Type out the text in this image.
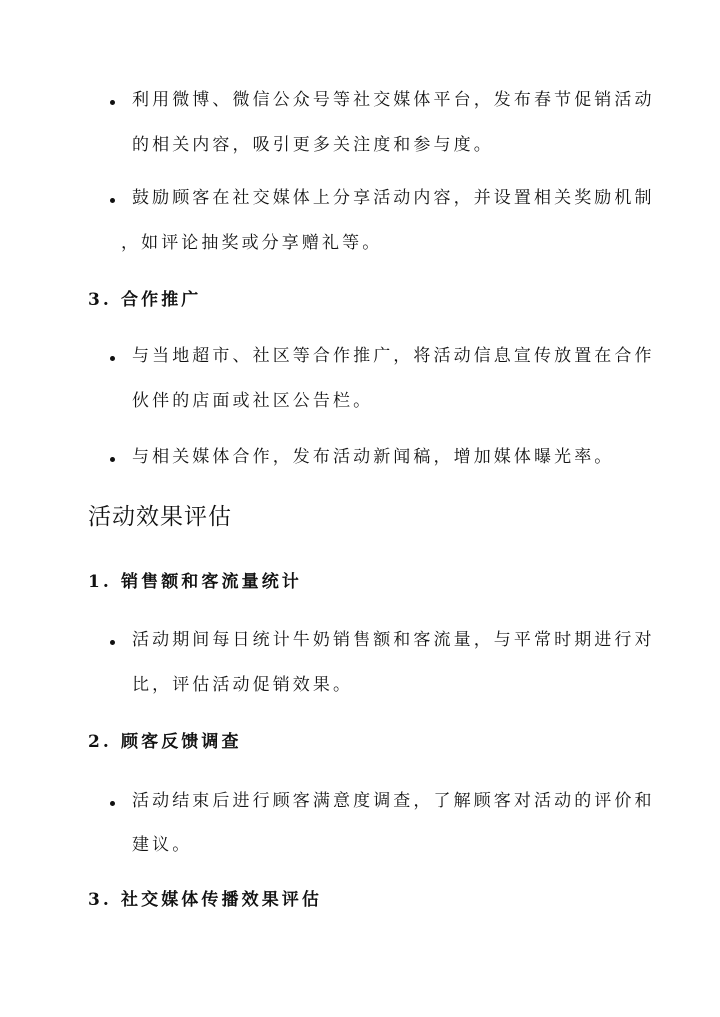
利用微博、微信公众号等社交媒体平台，发布春节促销活动
的相关内容，吸引更多关注度和参与度。
鼓励顾客在社交媒体上分享活动内容，并设置相关奖励机制
，如评论抽奖或分享赠礼等。
3. 合作推广
与当地超市、社区等合作推广，将活动信息宣传放置在合作
伙伴的店面或社区公告栏。
与相关媒体合作，发布活动新闻稿，增加媒体曝光率。
活动效果评估
1. 销售额和客流量统计
活动期间每日统计牛奶销售额和客流量，与平常时期进行对
比，评估活动促销效果。
2. 顾客反馈调查
活动结束后进行顾客满意度调查，了解顾客对活动的评价和
建议。
3. 社交媒体传播效果评估
